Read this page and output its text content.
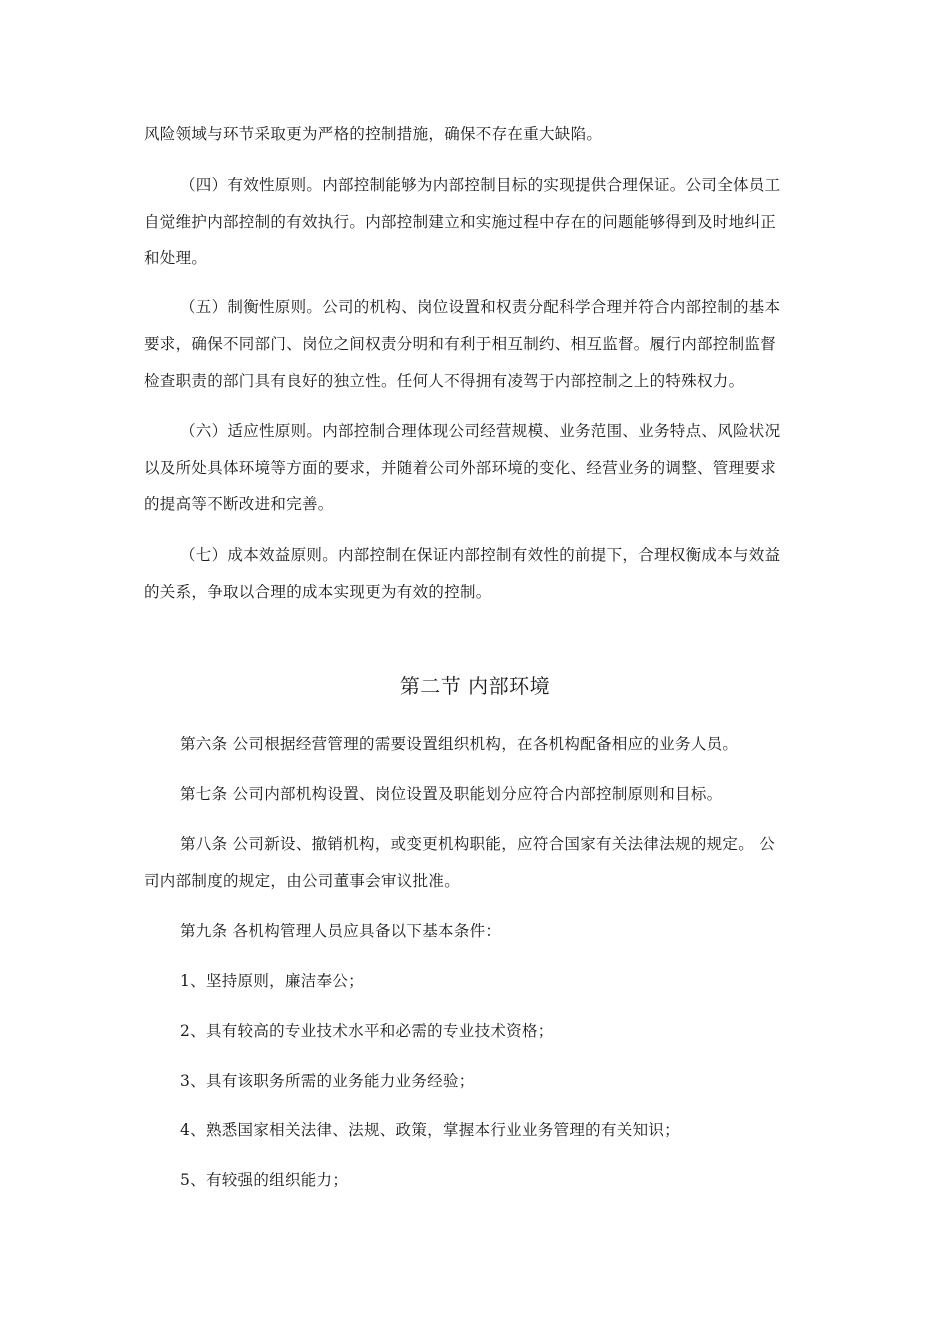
风险领域与环节采取更为严格的控制措施，确保不存在重大缺陷。
（四）有效性原则。内部控制能够为内部控制目标的实现提供合理保证。公司全体员工
自觉维护内部控制的有效执行。内部控制建立和实施过程中存在的问题能够得到及时地纠正
和处理。
（五）制衡性原则。公司的机构、岗位设置和权责分配科学合理并符合内部控制的基本
要求，确保不同部门、岗位之间权责分明和有利于相互制约、相互监督。履行内部控制监督
检查职责的部门具有良好的独立性。任何人不得拥有凌驾于内部控制之上的特殊权力。
（六）适应性原则。内部控制合理体现公司经营规模、业务范围、业务特点、风险状况
以及所处具体环境等方面的要求，并随着公司外部环境的变化、经营业务的调整、管理要求
的提高等不断改进和完善。
（七）成本效益原则。内部控制在保证内部控制有效性的前提下，合理权衡成本与效益
的关系，争取以合理的成本实现更为有效的控制。
第二节 内部环境
第六条 公司根据经营管理的需要设置组织机构，在各机构配备相应的业务人员。
第七条 公司内部机构设置、岗位设置及职能划分应符合内部控制原则和目标。
第八条 公司新设、撤销机构，或变更机构职能，应符合国家有关法律法规的规定。 公
司内部制度的规定，由公司董事会审议批准。
第九条 各机构管理人员应具备以下基本条件：
1、坚持原则，廉洁奉公；
2、具有较高的专业技术水平和必需的专业技术资格；
3、具有该职务所需的业务能力业务经验；
4、熟悉国家相关法律、法规、政策，掌握本行业业务管理的有关知识；
5、有较强的组织能力；
